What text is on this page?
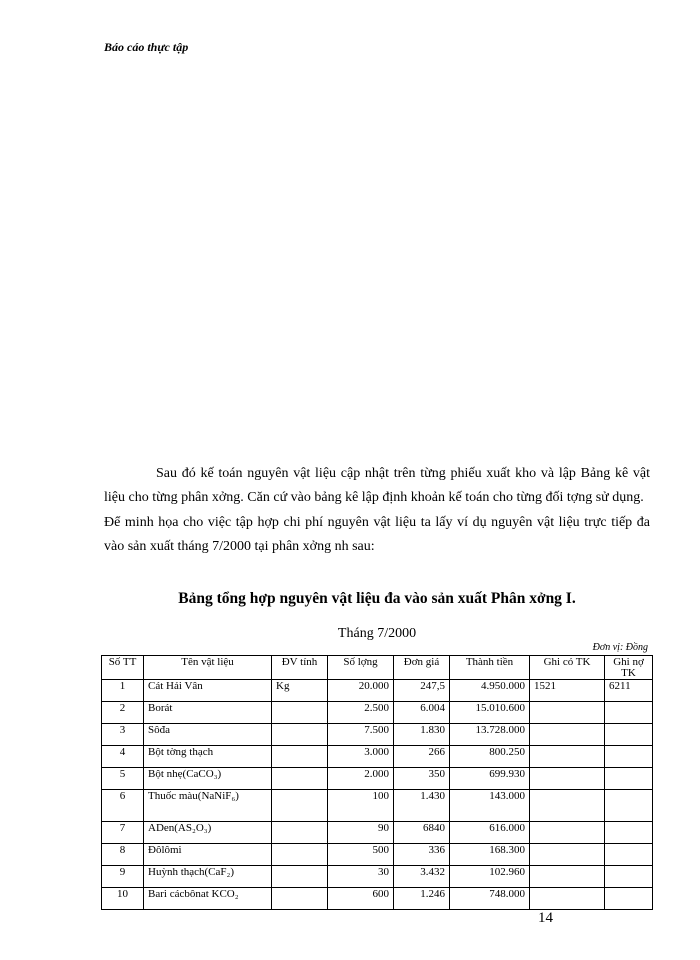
Báo cáo thực tập

Sau đó kế toán nguyên vật liệu cập nhật trên từng phiếu xuất kho và lập Bảng kê vật liệu cho từng phân xởng. Căn cứ vào bảng kê lập định khoản kế toán cho từng đối tợng sử dụng.

Để minh họa cho việc tập hợp chi phí nguyên vật liệu ta lấy ví dụ nguyên vật liệu trực tiếp đa vào sản xuất tháng 7/2000 tại phân xởng nh sau:

Bảng tổng hợp nguyên vật liệu đa vào sản xuất Phân xởng I.
Tháng 7/2000
Đơn vị: Đồng
Số TT	Tên vật liệu	ĐV tính	Số lợng	Đơn giá	Thành tiền	Ghi có TK	Ghi nợ TK
1	Cát Hải Vân	Kg	20.000	247,5	4.950.000	1521	6211
2	Borát		2.500	6.004	15.010.600		
3	Sôđa		7.500	1.830	13.728.000		
4	Bột tờng thạch		3.000	266	800.250		
5	Bột nhẹ(CaCO₃)		2.000	350	699.930		
6	Thuốc màu(NaNiF₆)		100	1.430	143.000		
7	ADen(AS₂O₃)		90	6840	616.000		
8	Đôlômi		500	336	168.300		
9	Huỳnh thạch(CaF₂)		30	3.432	102.960		
10	Bari cácbônat KCO₂		600	1.246	748.000		
14
